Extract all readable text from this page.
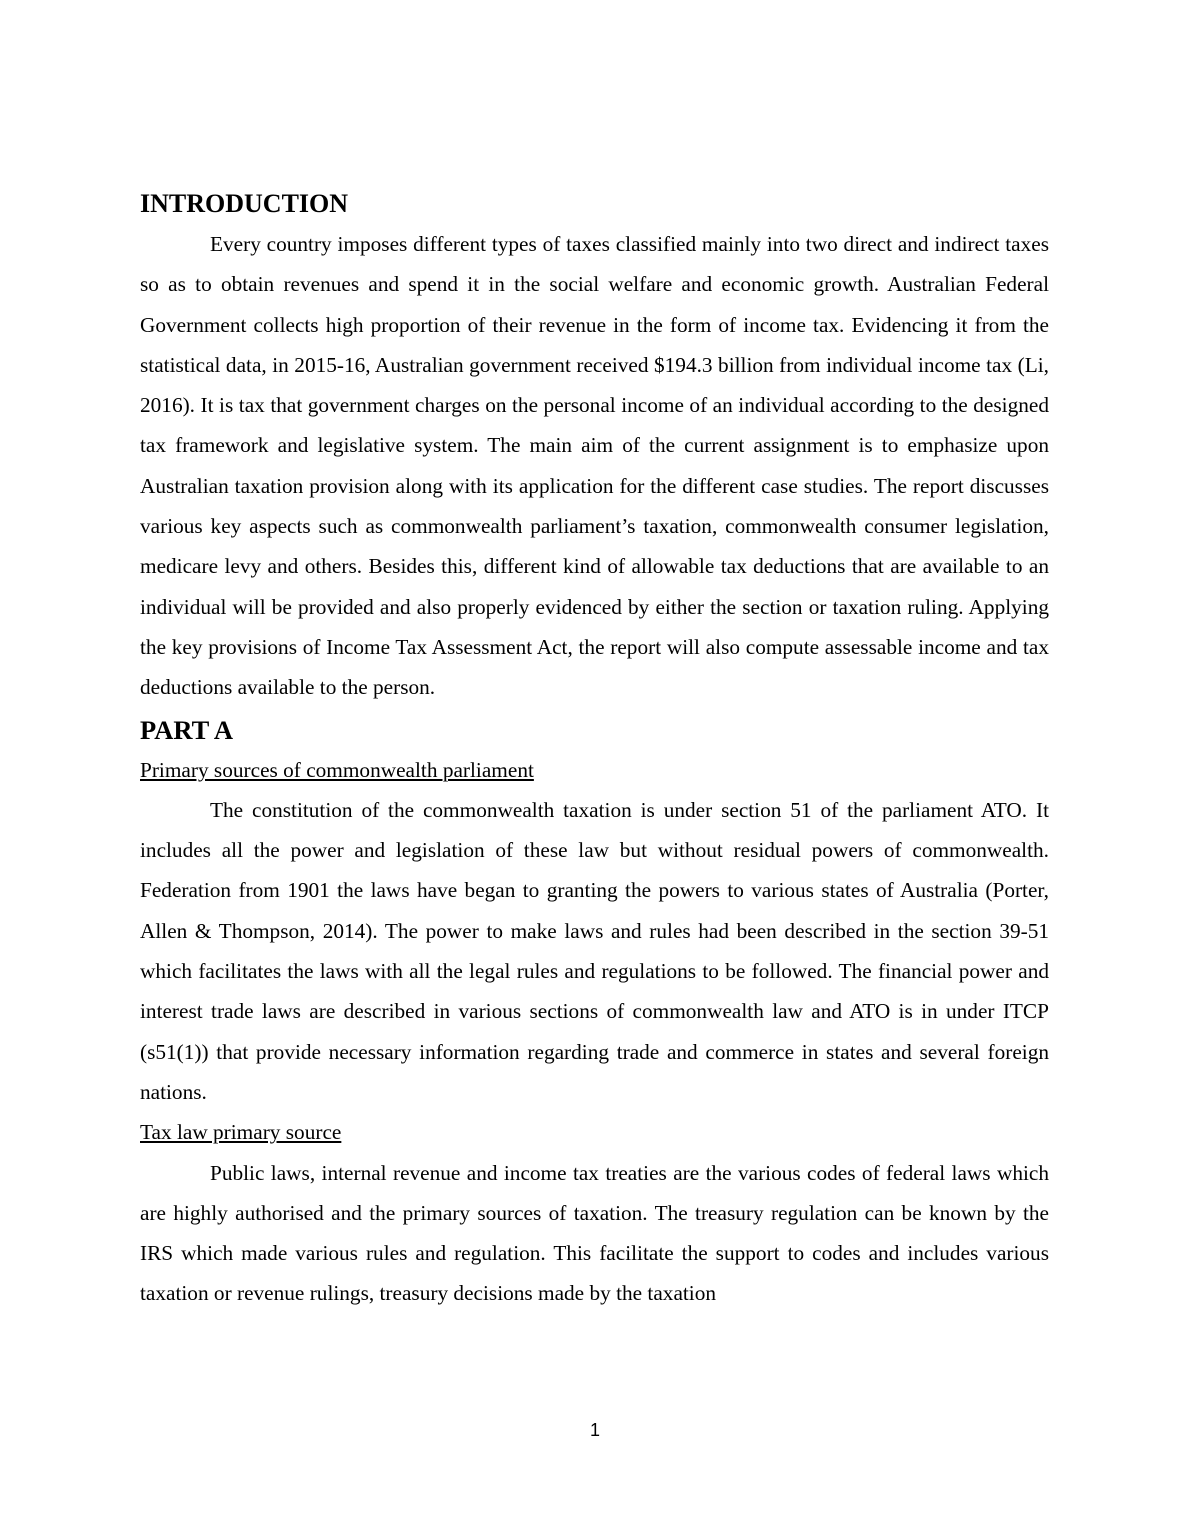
INTRODUCTION

Every country imposes different types of taxes classified mainly into two direct and indirect taxes so as to obtain revenues and spend it in the social welfare and economic growth. Australian Federal Government collects high proportion of their revenue in the form of income tax. Evidencing it from the statistical data, in 2015-16, Australian government received $194.3 billion from individual income tax (Li, 2016). It is tax that government charges on the personal income of an individual according to the designed tax framework and legislative system. The main aim of the current assignment is to emphasize upon Australian taxation provision along with its application for the different case studies. The report discusses various key aspects such as commonwealth parliament’s taxation, commonwealth consumer legislation, medicare levy and others. Besides this, different kind of allowable tax deductions that are available to an individual will be provided and also properly evidenced by either the section or taxation ruling. Applying the key provisions of Income Tax Assessment Act, the report will also compute assessable income and tax deductions available to the person.

PART A
Primary sources of commonwealth parliament

The constitution of the commonwealth taxation is under section 51 of the parliament ATO. It includes all the power and legislation of these law but without residual powers of commonwealth. Federation from 1901 the laws have began to granting the powers to various states of Australia (Porter, Allen & Thompson, 2014). The power to make laws and rules had been described in the section 39-51 which facilitates the laws with all the legal rules and regulations to be followed. The financial power and interest trade laws are described in various sections of commonwealth law and ATO is in under ITCP (s51(1)) that provide necessary information regarding trade and commerce in states and several foreign nations.

Tax law primary source

Public laws, internal revenue and income tax treaties are the various codes of federal laws which are highly authorised and the primary sources of taxation. The treasury regulation can be known by the IRS which made various rules and regulation. This facilitate the support to codes and includes various taxation or revenue rulings, treasury decisions made by the taxation

1
